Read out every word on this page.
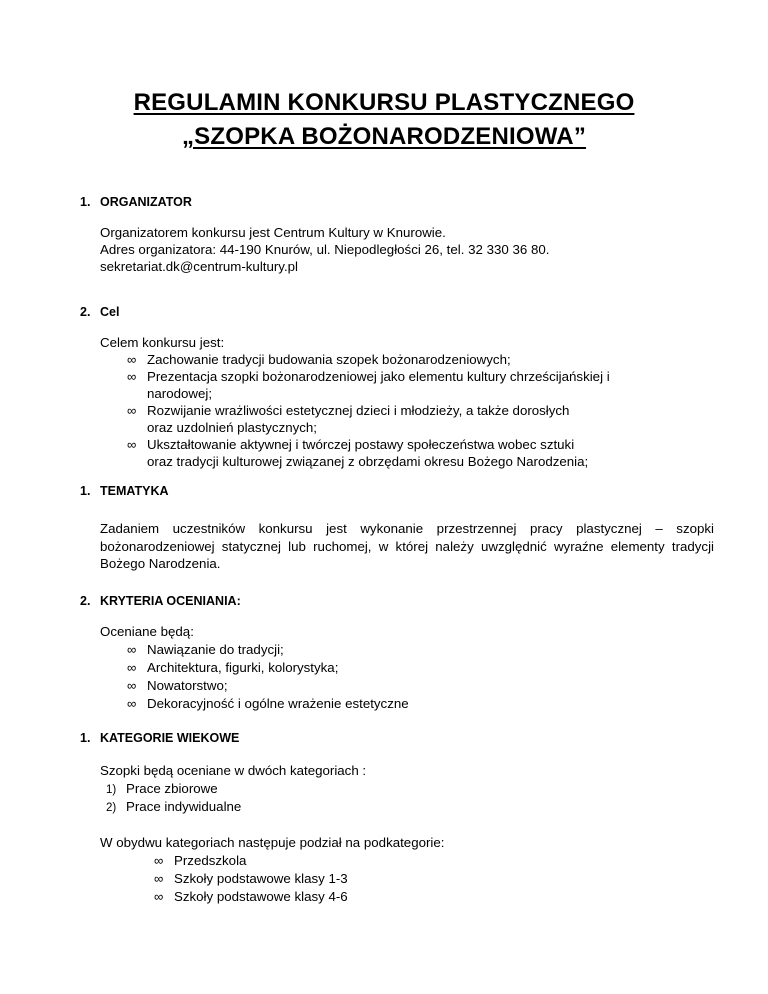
REGULAMIN KONKURSU PLASTYCZNEGO
„SZOPKA BOŻONARODZENIOWA”
1. ORGANIZATOR
Organizatorem konkursu jest Centrum Kultury w Knurowie.
Adres organizatora: 44-190 Knurów, ul. Niepodległości 26, tel. 32 330 36 80.
sekretariat.dk@centrum-kultury.pl
2. Cel
Celem konkursu jest:
∞ Zachowanie tradycji budowania szopek bożonarodzeniowych;
∞ Prezentacja szopki bożonarodzeniowej jako elementu kultury chrześcijańskiej i
narodowej;
∞ Rozwijanie wrażliwości estetycznej dzieci i młodzieży, a także dorosłych
oraz uzdolnień plastycznych;
∞ Ukształtowanie aktywnej i twórczej postawy społeczeństwa wobec sztuki
oraz tradycji kulturowej związanej z obrzędami okresu Bożego Narodzenia;
1. TEMATYKA
Zadaniem uczestników konkursu jest wykonanie przestrzennej pracy plastycznej – szopki bożonarodzeniowej statycznej lub ruchomej, w której należy uwzględnić wyraźne elementy tradycji Bożego Narodzenia.
2. KRYTERIA OCENIANIA:
Oceniane będą:
∞ Nawiązanie do tradycji;
∞ Architektura, figurki, kolorystyka;
∞ Nowatorstwo;
∞ Dekoracyjność i ogólne wrażenie estetyczne
1. KATEGORIE WIEKOWE
Szopki będą oceniane w dwóch kategoriach :
1) Prace zbiorowe
2) Prace indywidualne
W obydwu kategoriach następuje podział na podkategorie:
∞ Przedszkola
∞ Szkoły podstawowe klasy 1-3
∞ Szkoły podstawowe klasy 4-6
